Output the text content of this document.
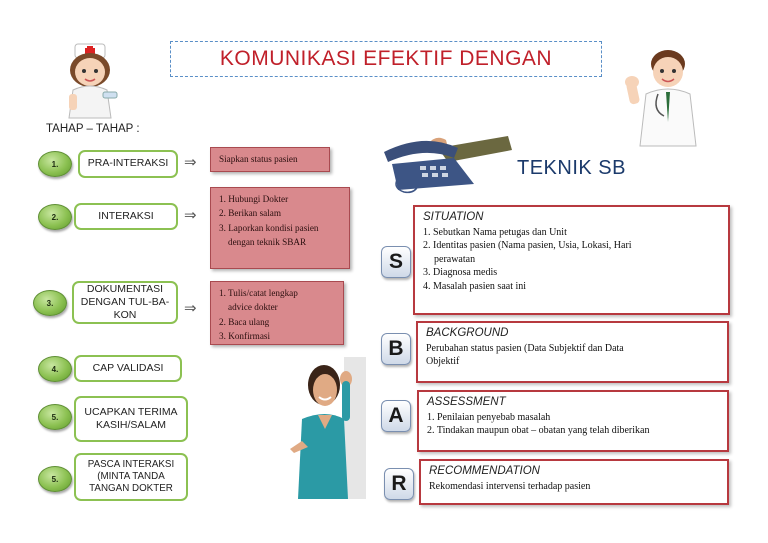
KOMUNIKASI EFEKTIF DENGAN
TAHAP – TAHAP :
1.	PRA-INTERAKSI	⇒ Siapkan status pasien
2.	INTERAKSI	⇒
1. Hubungi Dokter
2. Berikan salam
3. Laporkan kondisi pasien
dengan teknik SBAR
3.
DOKUMENTASI DENGAN TUL-BA-KON	⇒
1. Tulis/catat lengkap
advice dokter
2. Baca ulang
3. Konfirmasi
4.	CAP VALIDASI
5.	UCAPKAN TERIMA KASIH/SALAM
5.
PASCA INTERAKSI (MINTA TANDA TANGAN DOKTER
TEKNIK SB
S
SITUATION
1. Sebutkan Nama petugas dan Unit
2. Identitas pasien (Nama pasien, Usia, Lokasi, Hari
perawatan
3. Diagnosa medis
4. Masalah pasien saat ini
B
BACKGROUND
Perubahan status pasien (Data Subjektif dan Data
Objektif
A
ASSESSMENT
1. Penilaian penyebab masalah
2. Tindakan maupun obat – obatan yang telah diberikan
R
RECOMMENDATION
Rekomendasi intervensi terhadap pasien
